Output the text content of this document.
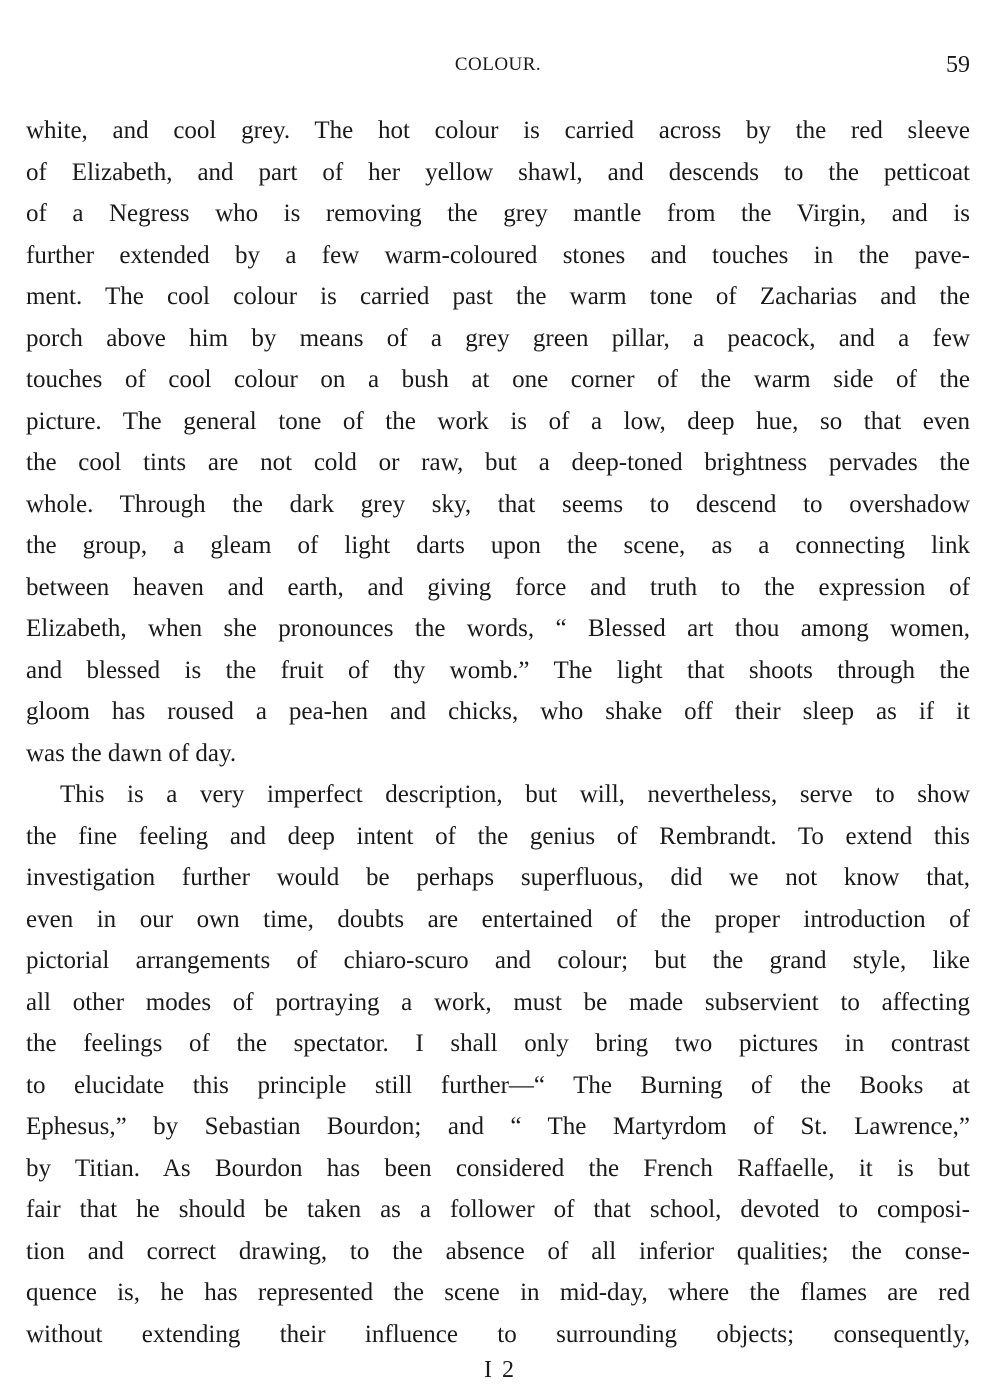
COLOUR.	59
white, and cool grey. The hot colour is carried across by the red sleeve
of Elizabeth, and part of her yellow shawl, and descends to the petticoat
of a Negress who is removing the grey mantle from the Virgin, and is
further extended by a few warm-coloured stones and touches in the pave-
ment. The cool colour is carried past the warm tone of Zacharias and the
porch above him by means of a grey green pillar, a peacock, and a few
touches of cool colour on a bush at one corner of the warm side of the
picture. The general tone of the work is of a low, deep hue, so that even
the cool tints are not cold or raw, but a deep-toned brightness pervades the
whole. Through the dark grey sky, that seems to descend to overshadow
the group, a gleam of light darts upon the scene, as a connecting link
between heaven and earth, and giving force and truth to the expression of
Elizabeth, when she pronounces the words, “ Blessed art thou among women,
and blessed is the fruit of thy womb.” The light that shoots through the
gloom has roused a pea-hen and chicks, who shake off their sleep as if it
was the dawn of day.
This is a very imperfect description, but will, nevertheless, serve to show
the fine feeling and deep intent of the genius of Rembrandt. To extend this
investigation further would be perhaps superfluous, did we not know that,
even in our own time, doubts are entertained of the proper introduction of
pictorial arrangements of chiaro-scuro and colour; but the grand style, like
all other modes of portraying a work, must be made subservient to affecting
the feelings of the spectator. I shall only bring two pictures in contrast
to elucidate this principle still further—“ The Burning of the Books at
Ephesus,” by Sebastian Bourdon; and “ The Martyrdom of St. Lawrence,”
by Titian. As Bourdon has been considered the French Raffaelle, it is but
fair that he should be taken as a follower of that school, devoted to composi-
tion and correct drawing, to the absence of all inferior qualities; the conse-
quence is, he has represented the scene in mid-day, where the flames are red
without extending their influence to surrounding objects; consequently,
I 2
